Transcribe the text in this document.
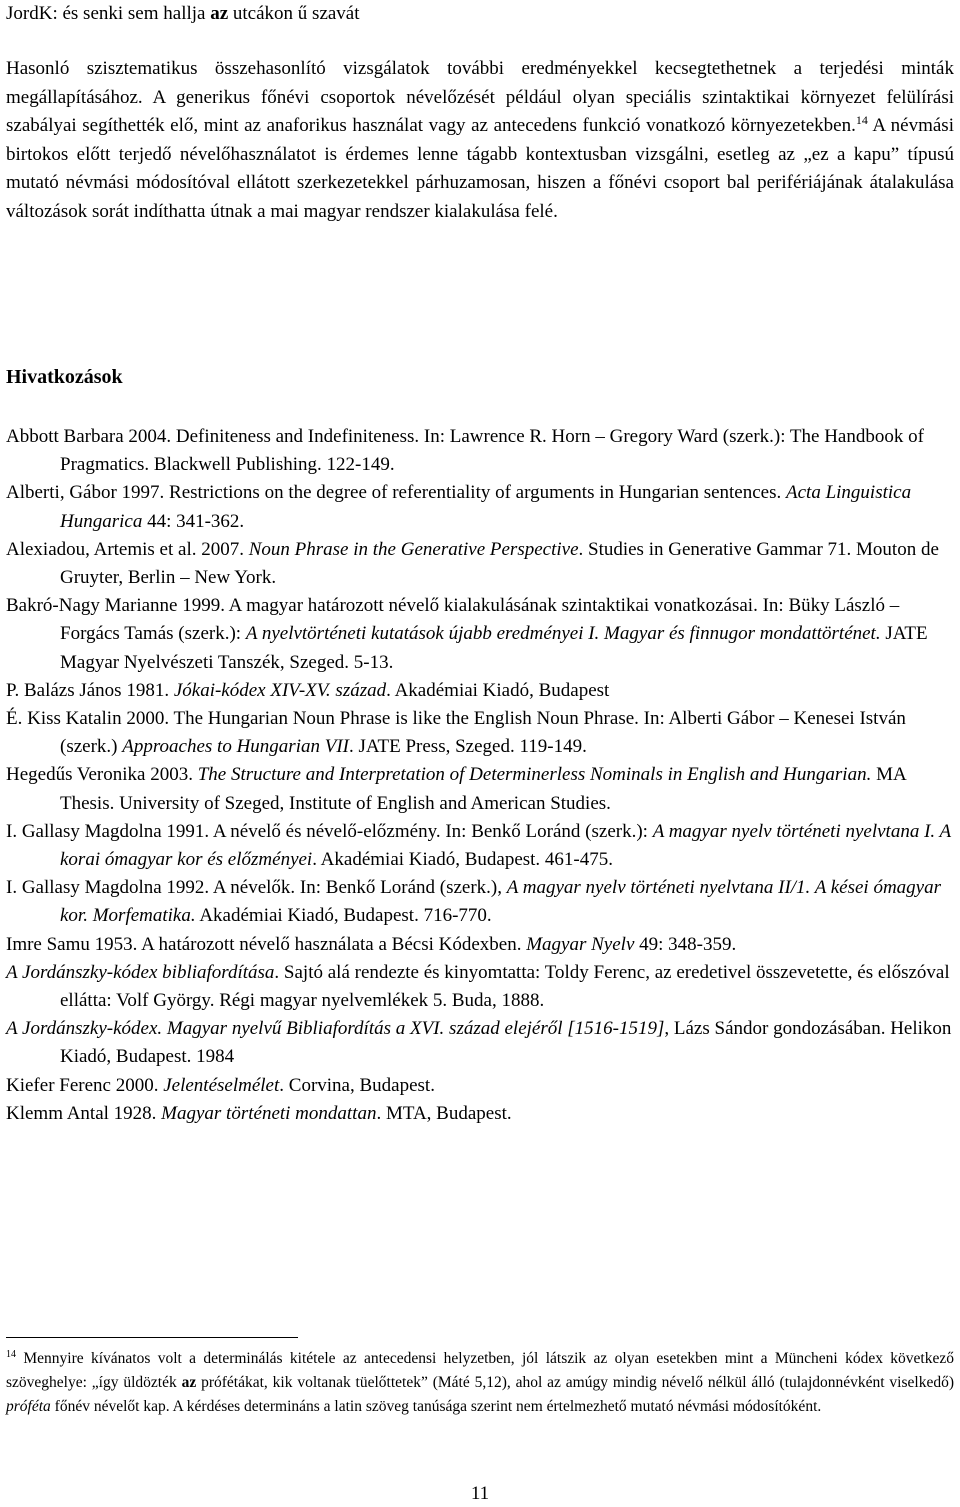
JordK: és senki sem hallja az utcákon ű szavát

Hasonló szisztematikus összehasonlító vizsgálatok további eredményekkel kecsegtethetnek a terjedési minták megállapításához. A generikus főnévi csoportok névelőzését például olyan speciális szintaktikai környezet felülírási szabályai segíthették elő, mint az anaforikus használat vagy az antecedens funkció vonatkozó környezetekben.$^{14}$ A névmási birtokos előtt terjedő névelőhasználatot is érdemes lenne tágabb kontextusban vizsgálni, esetleg az „ez a kapu” típusú mutató névmási módosítóval ellátott szerkezetekkel párhuzamosan, hiszen a főnévi csoport bal perifériájának átalakulása változások sorát indíthatta útnak a mai magyar rendszer kialakulása felé.

Hivatkozások
Abbott Barbara 2004. Definiteness and Indefiniteness. In: Lawrence R. Horn – Gregory Ward (szerk.): The Handbook of Pragmatics. Blackwell Publishing. 122-149.
Alberti, Gábor 1997. Restrictions on the degree of referentiality of arguments in Hungarian sentences. Acta Linguistica Hungarica 44: 341-362.
Alexiadou, Artemis et al. 2007. Noun Phrase in the Generative Perspective. Studies in Generative Gammar 71. Mouton de Gruyter, Berlin – New York.
Bakró-Nagy Marianne 1999. A magyar határozott névelő kialakulásának szintaktikai vonatkozásai. In: Büky László – Forgács Tamás (szerk.): A nyelvtörténeti kutatások újabb eredményei I. Magyar és finnugor mondattörténet. JATE Magyar Nyelvészeti Tanszék, Szeged. 5-13.
P. Balázs János 1981. Jókai-kódex XIV-XV. század. Akadémiai Kiadó, Budapest
É. Kiss Katalin 2000. The Hungarian Noun Phrase is like the English Noun Phrase. In: Alberti Gábor – Kenesei István (szerk.) Approaches to Hungarian VII. JATE Press, Szeged. 119-149.
Hegedűs Veronika 2003. The Structure and Interpretation of Determinerless Nominals in English and Hungarian. MA Thesis. University of Szeged, Institute of English and American Studies.
I. Gallasy Magdolna 1991. A névelő és névelő-előzmény. In: Benkő Loránd (szerk.): A magyar nyelv történeti nyelvtana I. A korai ómagyar kor és előzményei. Akadémiai Kiadó, Budapest. 461-475.
I. Gallasy Magdolna 1992. A névelők. In: Benkő Loránd (szerk.), A magyar nyelv történeti nyelvtana II/1. A kései ómagyar kor. Morfematika. Akadémiai Kiadó, Budapest. 716-770.
Imre Samu 1953. A határozott névelő használata a Bécsi Kódexben. Magyar Nyelv 49: 348-359.
A Jordánszky-kódex bibliafordítása. Sajtó alá rendezte és kinyomtatta: Toldy Ferenc, az eredetivel összevetette, és előszóval ellátta: Volf György. Régi magyar nyelvemlékek 5. Buda, 1888.
A Jordánszky-kódex. Magyar nyelvű Bibliafordítás a XVI. század elejéről [1516-1519], Lázs Sándor gondozásában. Helikon Kiadó, Budapest. 1984
Kiefer Ferenc 2000. Jelentéselmélet. Corvina, Budapest.
Klemm Antal 1928. Magyar történeti mondattan. MTA, Budapest.

$^{14}$ Mennyire kívánatos volt a determinálás kitétele az antecedensi helyzetben, jól látszik az olyan esetekben mint a Müncheni kódex következő szöveghelye: „így üldözték az prófétákat, kik voltanak tüelőttetek” (Máté 5,12), ahol az amúgy mindig névelő nélkül álló (tulajdonnévként viselkedő) próféta főnév névelőt kap. A kérdéses determináns a latin szöveg tanúsága szerint nem értelmezhető mutató névmási módosítóként.

11
